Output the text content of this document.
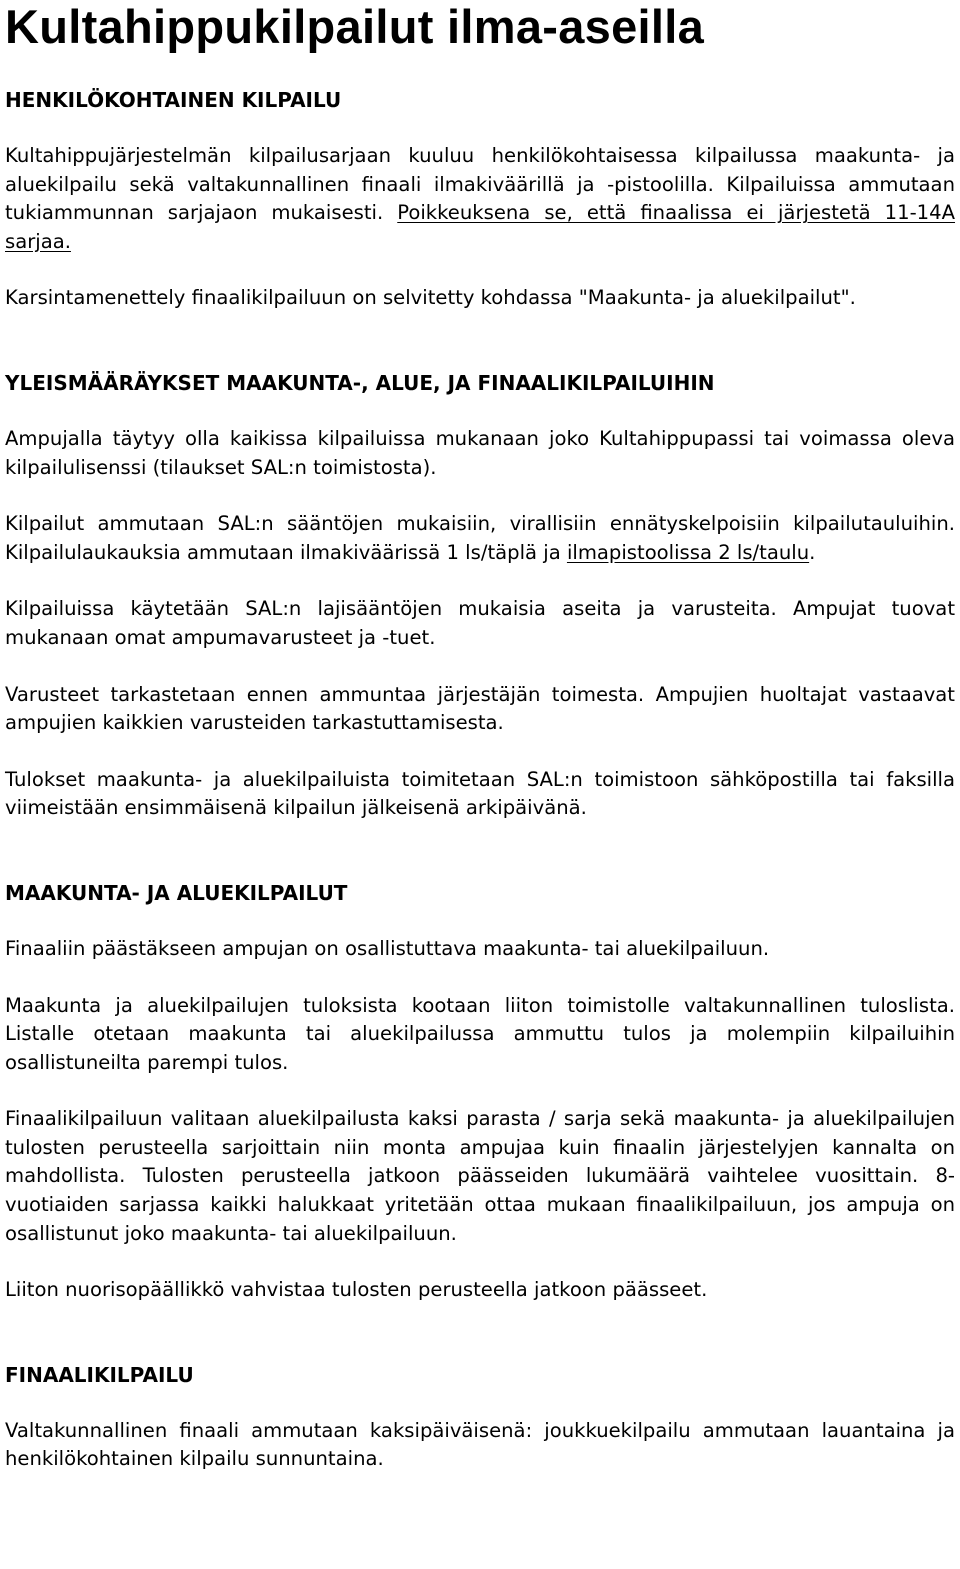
Kultahippukilpailut ilma-aseilla
HENKILÖKOHTAINEN KILPAILU

Kultahippujärjestelmän kilpailusarjaan kuuluu henkilökohtaisessa kilpailussa maakunta- ja aluekilpailu sekä valtakunnallinen finaali ilmakiväärillä ja -pistoolilla. Kilpailuissa ammutaan tukiammunnan sarjajaon mukaisesti. Poikkeuksena se, että finaalissa ei järjestetä 11-14A sarjaa.

Karsintamenettely finaalikilpailuun on selvitetty kohdassa "Maakunta- ja aluekilpailut".

YLEISMÄÄRÄYKSET MAAKUNTA-, ALUE, JA FINAALIKILPAILUIHIN

Ampujalla täytyy olla kaikissa kilpailuissa mukanaan joko Kultahippupassi tai voimassa oleva kilpailulisenssi (tilaukset SAL:n toimistosta).

Kilpailut ammutaan SAL:n sääntöjen mukaisiin, virallisiin ennätyskelpoisiin kilpailutauluihin. Kilpailulaukauksia ammutaan ilmakiväärissä 1 ls/täplä ja ilmapistoolissa 2 ls/taulu.

Kilpailuissa käytetään SAL:n lajisääntöjen mukaisia aseita ja varusteita. Ampujat tuovat mukanaan omat ampumavarusteet ja -tuet.

Varusteet tarkastetaan ennen ammuntaa järjestäjän toimesta. Ampujien huoltajat vastaavat ampujien kaikkien varusteiden tarkastuttamisesta.

Tulokset maakunta- ja aluekilpailuista toimitetaan SAL:n toimistoon sähköpostilla tai faksilla viimeistään ensimmäisenä kilpailun jälkeisenä arkipäivänä.

MAAKUNTA- JA ALUEKILPAILUT

Finaaliin päästäkseen ampujan on osallistuttava maakunta- tai aluekilpailuun.

Maakunta ja aluekilpailujen tuloksista kootaan liiton toimistolle valtakunnallinen tuloslista. Listalle otetaan maakunta tai aluekilpailussa ammuttu tulos ja molempiin kilpailuihin osallistuneilta parempi tulos.

Finaalikilpailuun valitaan aluekilpailusta kaksi parasta / sarja sekä maakunta- ja aluekilpailujen tulosten perusteella sarjoittain niin monta ampujaa kuin finaalin järjestelyjen kannalta on mahdollista. Tulosten perusteella jatkoon päässeiden lukumäärä vaihtelee vuosittain. 8-vuotiaiden sarjassa kaikki halukkaat yritetään ottaa mukaan finaalikilpailuun, jos ampuja on osallistunut joko maakunta- tai aluekilpailuun.

Liiton nuorisopäällikkö vahvistaa tulosten perusteella jatkoon päässeet.

FINAALIKILPAILU

Valtakunnallinen finaali ammutaan kaksipäiväisenä: joukkuekilpailu ammutaan lauantaina ja henkilökohtainen kilpailu sunnuntaina.
